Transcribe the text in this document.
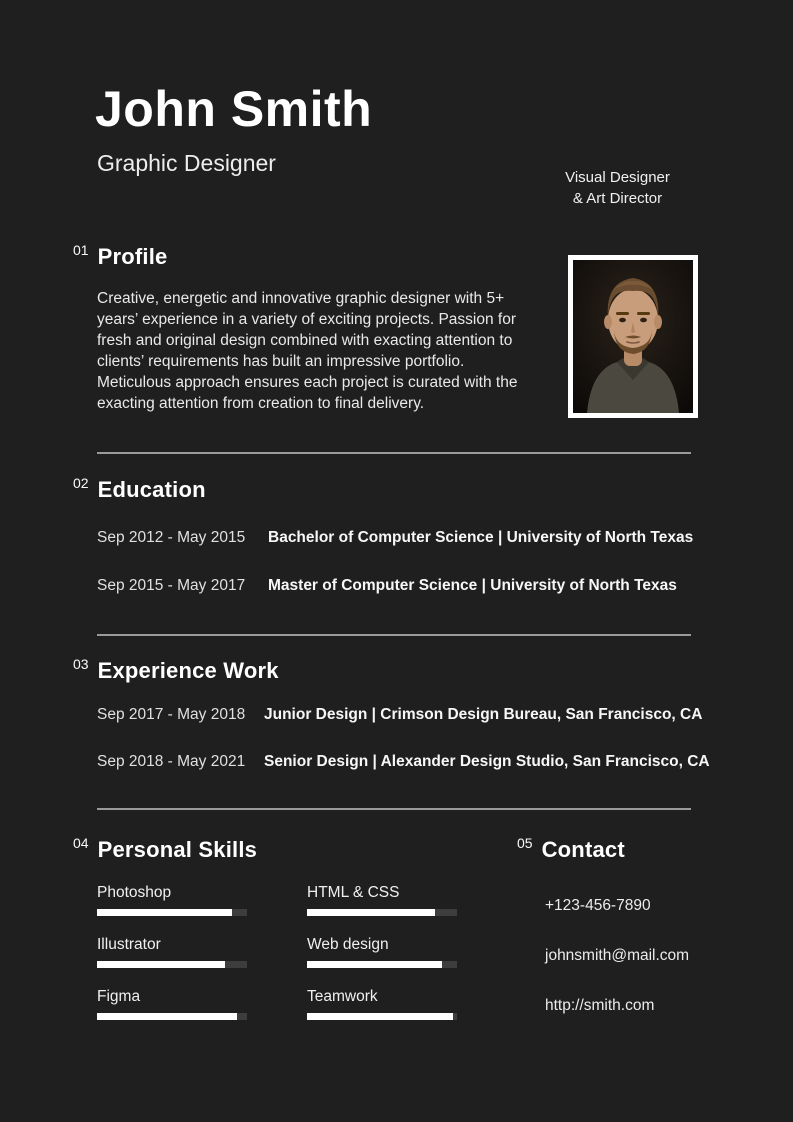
John Smith
Graphic Designer
Visual Designer
& Art Director
01 Profile

Creative, energetic and innovative graphic designer with 5+ years’ experience in a variety of exciting projects. Passion for fresh and original design combined with exacting attention to clients’ requirements has built an impressive portfolio. Meticulous approach ensures each project is curated with the exacting attention from creation to final delivery.

02 Education
Sep 2012 - May 2015	Bachelor of Computer Science | University of North Texas
Sep 2015 - May 2017	Master of Computer Science | University of North Texas
03 Experience Work
Sep 2017 - May 2018	Junior Design | Crimson Design Bureau, San Francisco, CA
Sep 2018 - May 2021	Senior Design | Alexander Design Studio, San Francisco, CA
04 Personal Skills	05 Contact
Photoshop	HTML & CSS
Illustrator	Web design
Figma	Teamwork
+123-456-7890
johnsmith@mail.com
http://smith.com
